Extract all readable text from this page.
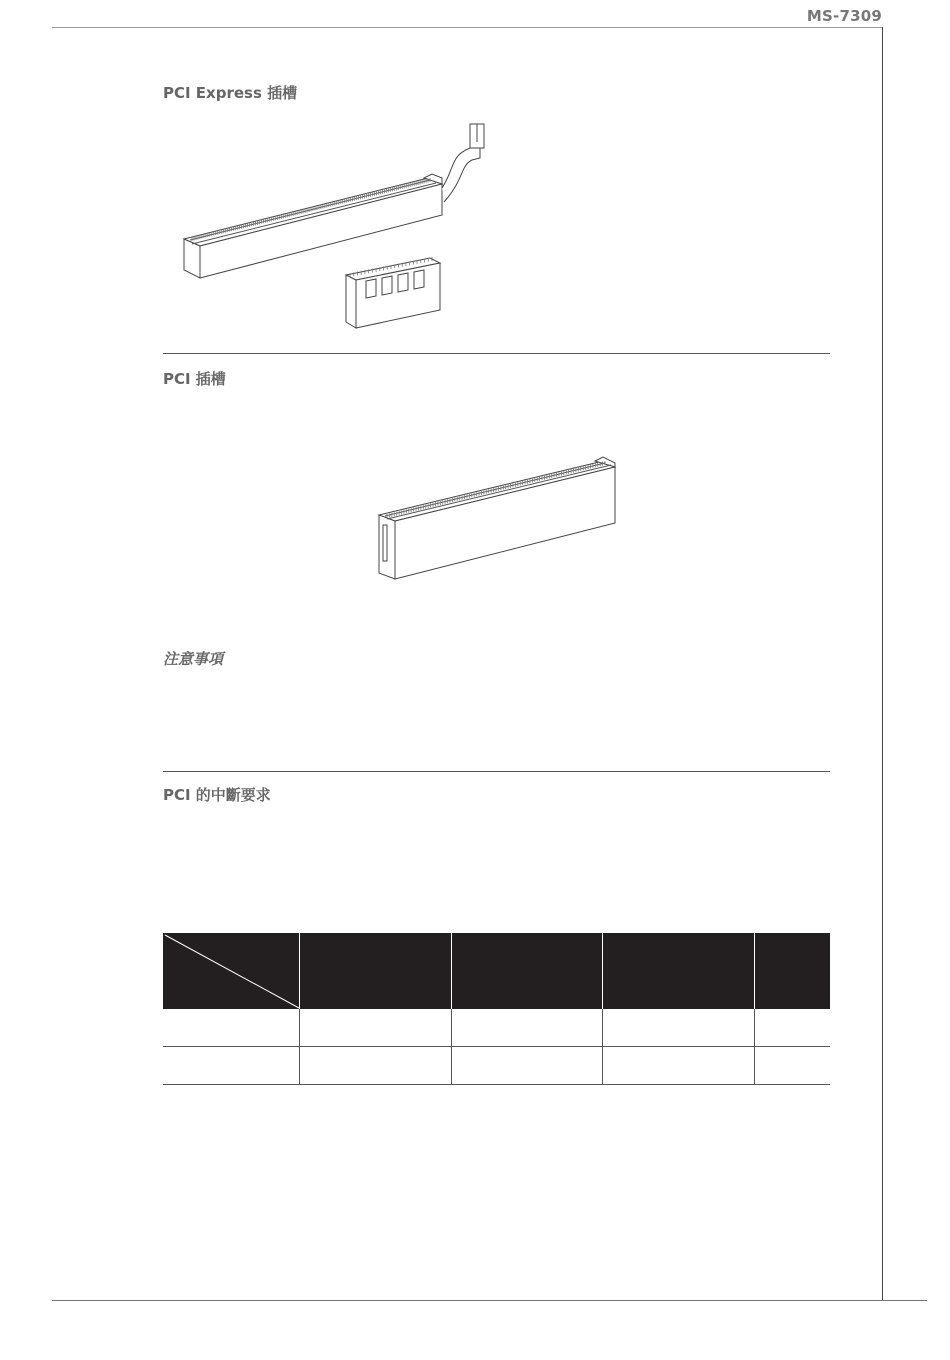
MS-7309
PCI Express 插槽
PCI 插槽
注意事項
PCI 的中斷要求
